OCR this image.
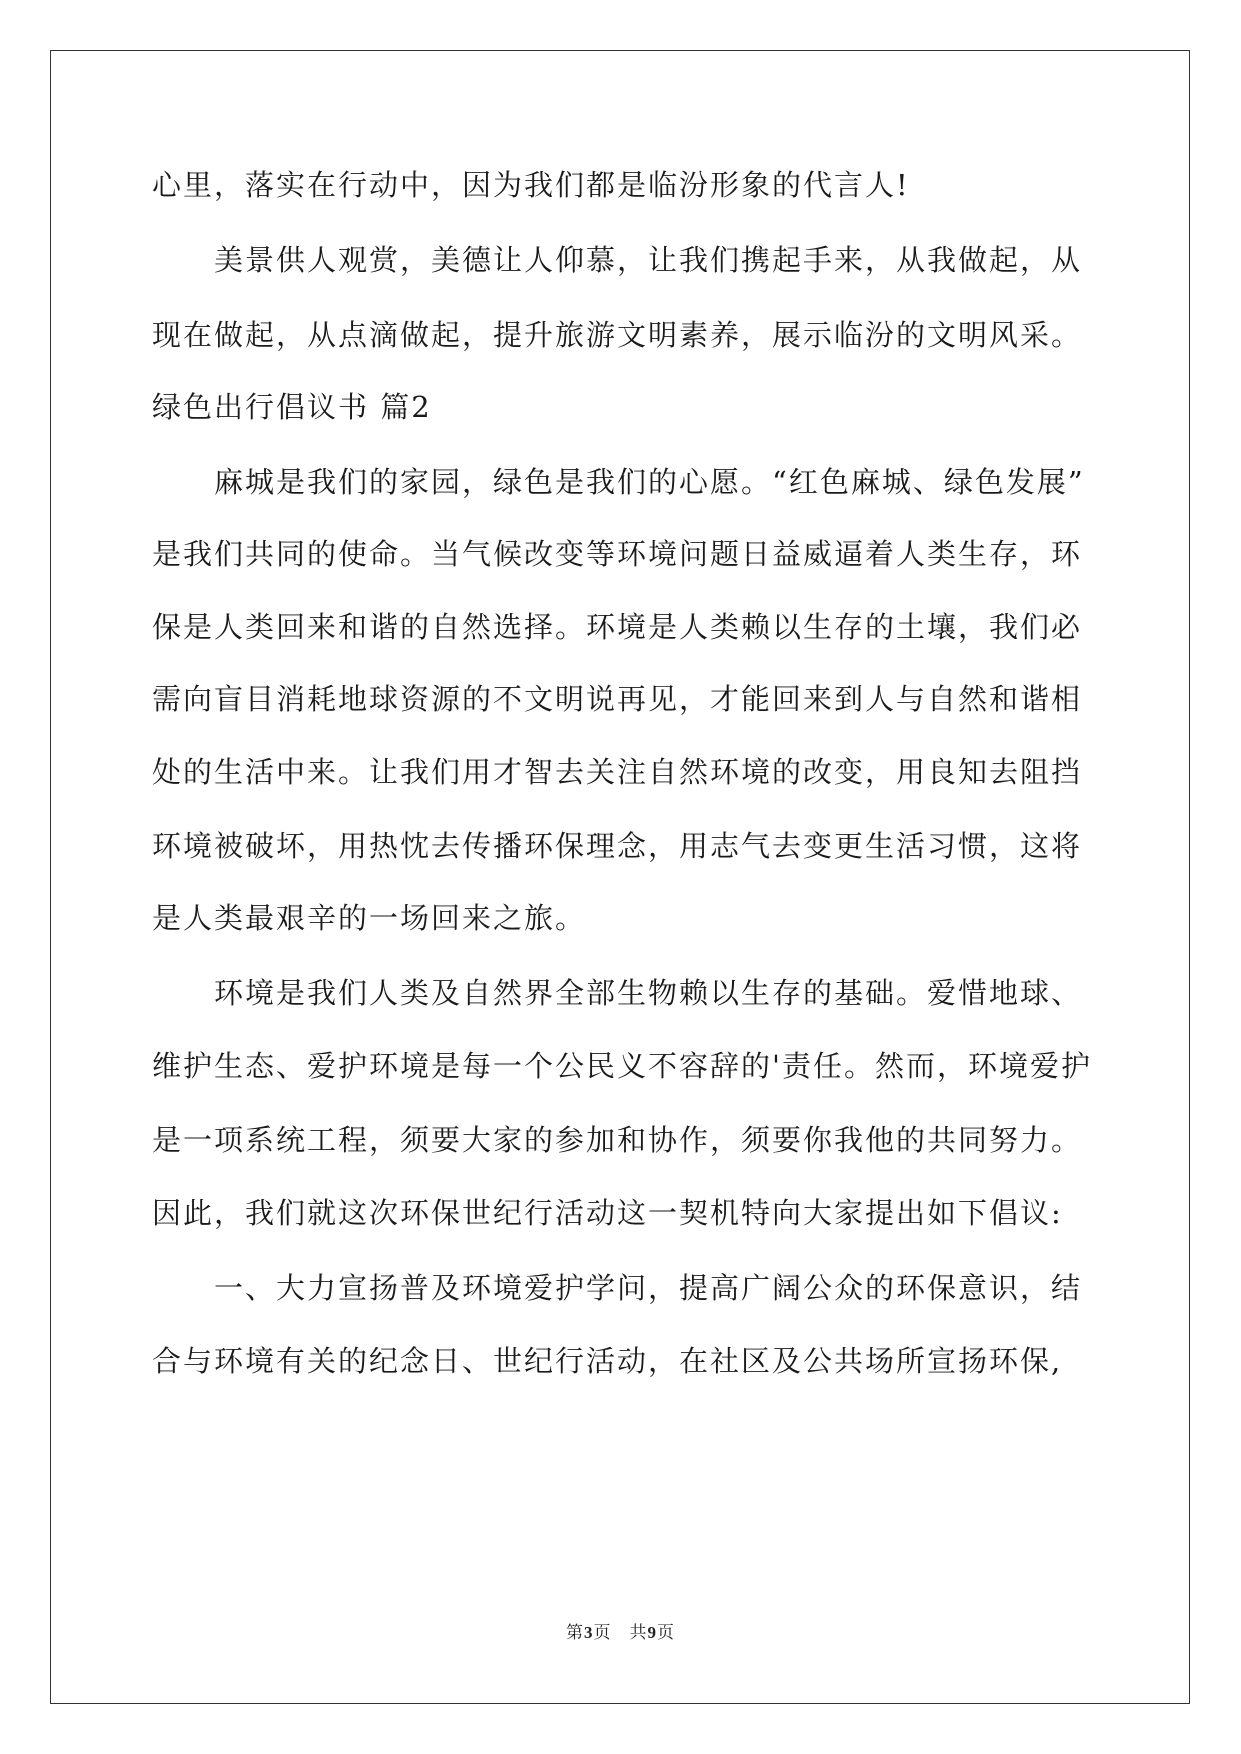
心里，落实在行动中，因为我们都是临汾形象的代言人!
美景供人观赏，美德让人仰慕，让我们携起手来，从我做起，从
现在做起，从点滴做起，提升旅游文明素养，展示临汾的文明风采。
绿色出行倡议书 篇2
麻城是我们的家园，绿色是我们的心愿。“红色麻城、绿色发展”
是我们共同的使命。当气候改变等环境问题日益威逼着人类生存，环
保是人类回来和谐的自然选择。环境是人类赖以生存的土壤，我们必
需向盲目消耗地球资源的不文明说再见，才能回来到人与自然和谐相
处的生活中来。让我们用才智去关注自然环境的改变，用良知去阻挡
环境被破坏，用热忱去传播环保理念，用志气去变更生活习惯，这将
是人类最艰辛的一场回来之旅。
环境是我们人类及自然界全部生物赖以生存的基础。爱惜地球、
维护生态、爱护环境是每一个公民义不容辞的'责任。然而，环境爱护
是一项系统工程，须要大家的参加和协作，须要你我他的共同努力。
因此，我们就这次环保世纪行活动这一契机特向大家提出如下倡议:
一、大力宣扬普及环境爱护学问，提高广阔公众的环保意识，结
合与环境有关的纪念日、世纪行活动，在社区及公共场所宣扬环保,
第3页　共9页
